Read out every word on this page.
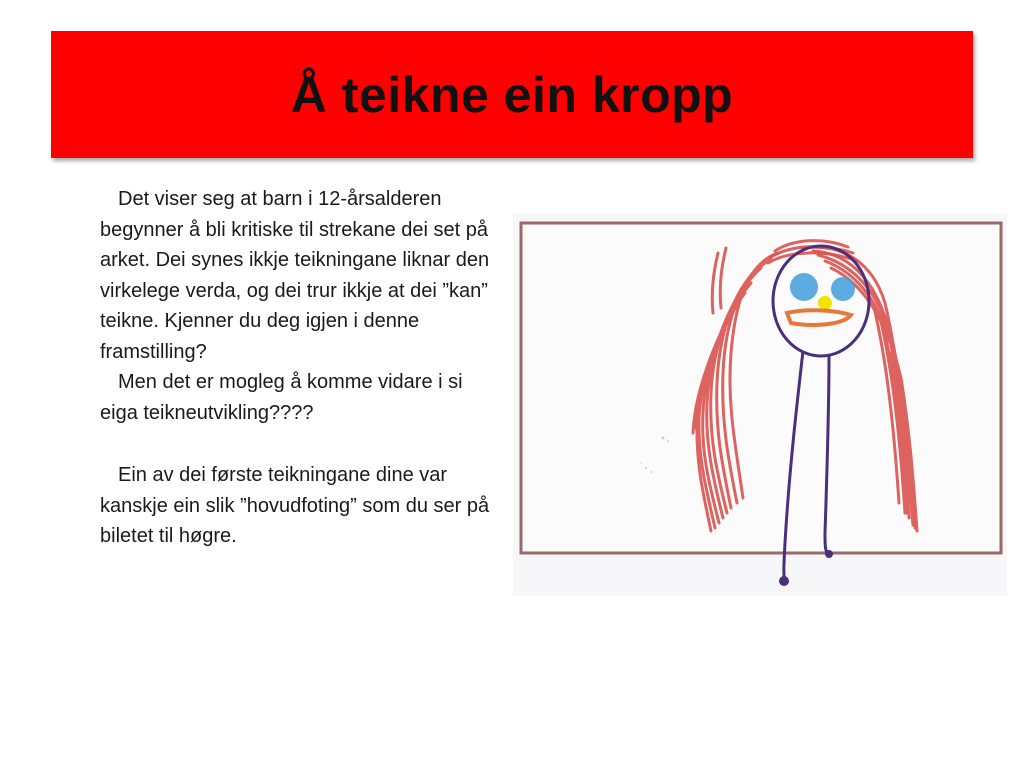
Å teikne ein kropp

Det viser seg at barn i 12-årsalderen begynner å bli kritiske til strekane dei set på arket. Dei synes ikkje teikningane liknar den virkelege verda, og dei trur ikkje at dei ”kan” teikne. Kjenner du deg igjen i denne framstilling?

Men det er mogleg å komme vidare i si eiga teikneutvikling????

Ein av dei første teikningane dine var kanskje ein slik ”hovudfoting” som du ser på biletet til høgre.
